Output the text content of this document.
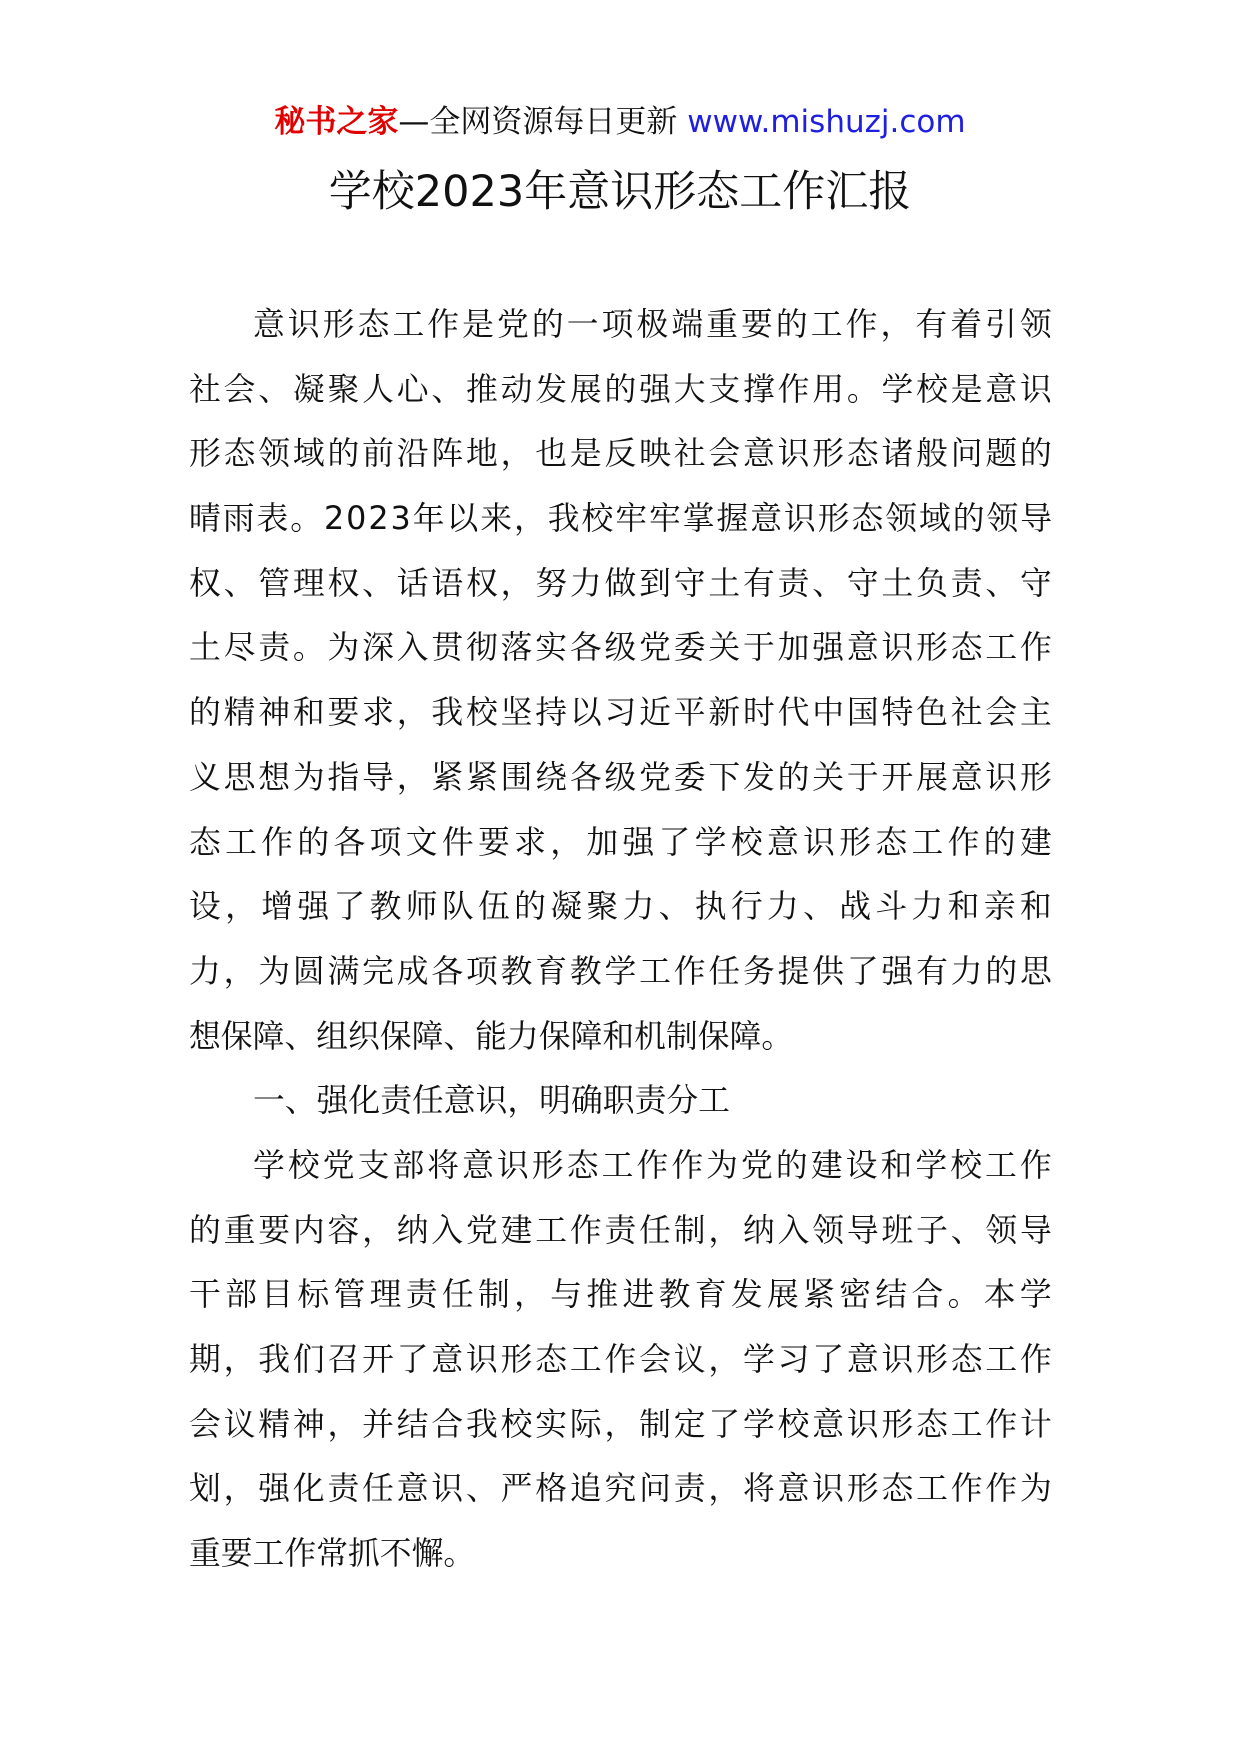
秘书之家—全网资源每日更新 www.mishuzj.com
学校2023年意识形态工作汇报
意 识 形 态 工 作 是 党 的 一 项 极 端 重 要 的 工 作 ， 有 着 引 领
社 会 、 凝 聚 人 心 、 推 动 发 展 的 强 大 支 撑 作 用 。 学 校 是 意 识
形 态 领 域 的 前 沿 阵 地 ， 也 是 反 映 社 会 意 识 形 态 诸 般 问 题 的
晴 雨 表 。 2 0 2 3 年 以 来 ， 我 校 牢 牢 掌 握 意 识 形 态 领 域 的 领 导
权 、 管 理 权 、 话 语 权 ， 努 力 做 到 守 土 有 责 、 守 土 负 责 、 守
土 尽 责 。 为 深 入 贯 彻 落 实 各 级 党 委 关 于 加 强 意 识 形 态 工 作
的 精 神 和 要 求 ， 我 校 坚 持 以 习 近 平 新 时 代 中 国 特 色 社 会 主
义 思 想 为 指 导 ， 紧 紧 围 绕 各 级 党 委 下 发 的 关 于 开 展 意 识 形
态 工 作 的 各 项 文 件 要 求 ， 加 强 了 学 校 意 识 形 态 工 作 的 建
设 ， 增 强 了 教 师 队 伍 的 凝 聚 力 、 执 行 力 、 战 斗 力 和 亲 和
力 ， 为 圆 满 完 成 各 项 教 育 教 学 工 作 任 务 提 供 了 强 有 力 的 思
想保障、组织保障、能力保障和机制保障。
一、强化责任意识，明确职责分工
学 校 党 支 部 将 意 识 形 态 工 作 作 为 党 的 建 设 和 学 校 工 作
的 重 要 内 容 ， 纳 入 党 建 工 作 责 任 制 ， 纳 入 领 导 班 子 、 领 导
干 部 目 标 管 理 责 任 制 ， 与 推 进 教 育 发 展 紧 密 结 合 。 本 学
期 ， 我 们 召 开 了 意 识 形 态 工 作 会 议 ， 学 习 了 意 识 形 态 工 作
会 议 精 神 ， 并 结 合 我 校 实 际 ， 制 定 了 学 校 意 识 形 态 工 作 计
划 ， 强 化 责 任 意 识 、 严 格 追 究 问 责 ， 将 意 识 形 态 工 作 作 为
重要工作常抓不懈。
